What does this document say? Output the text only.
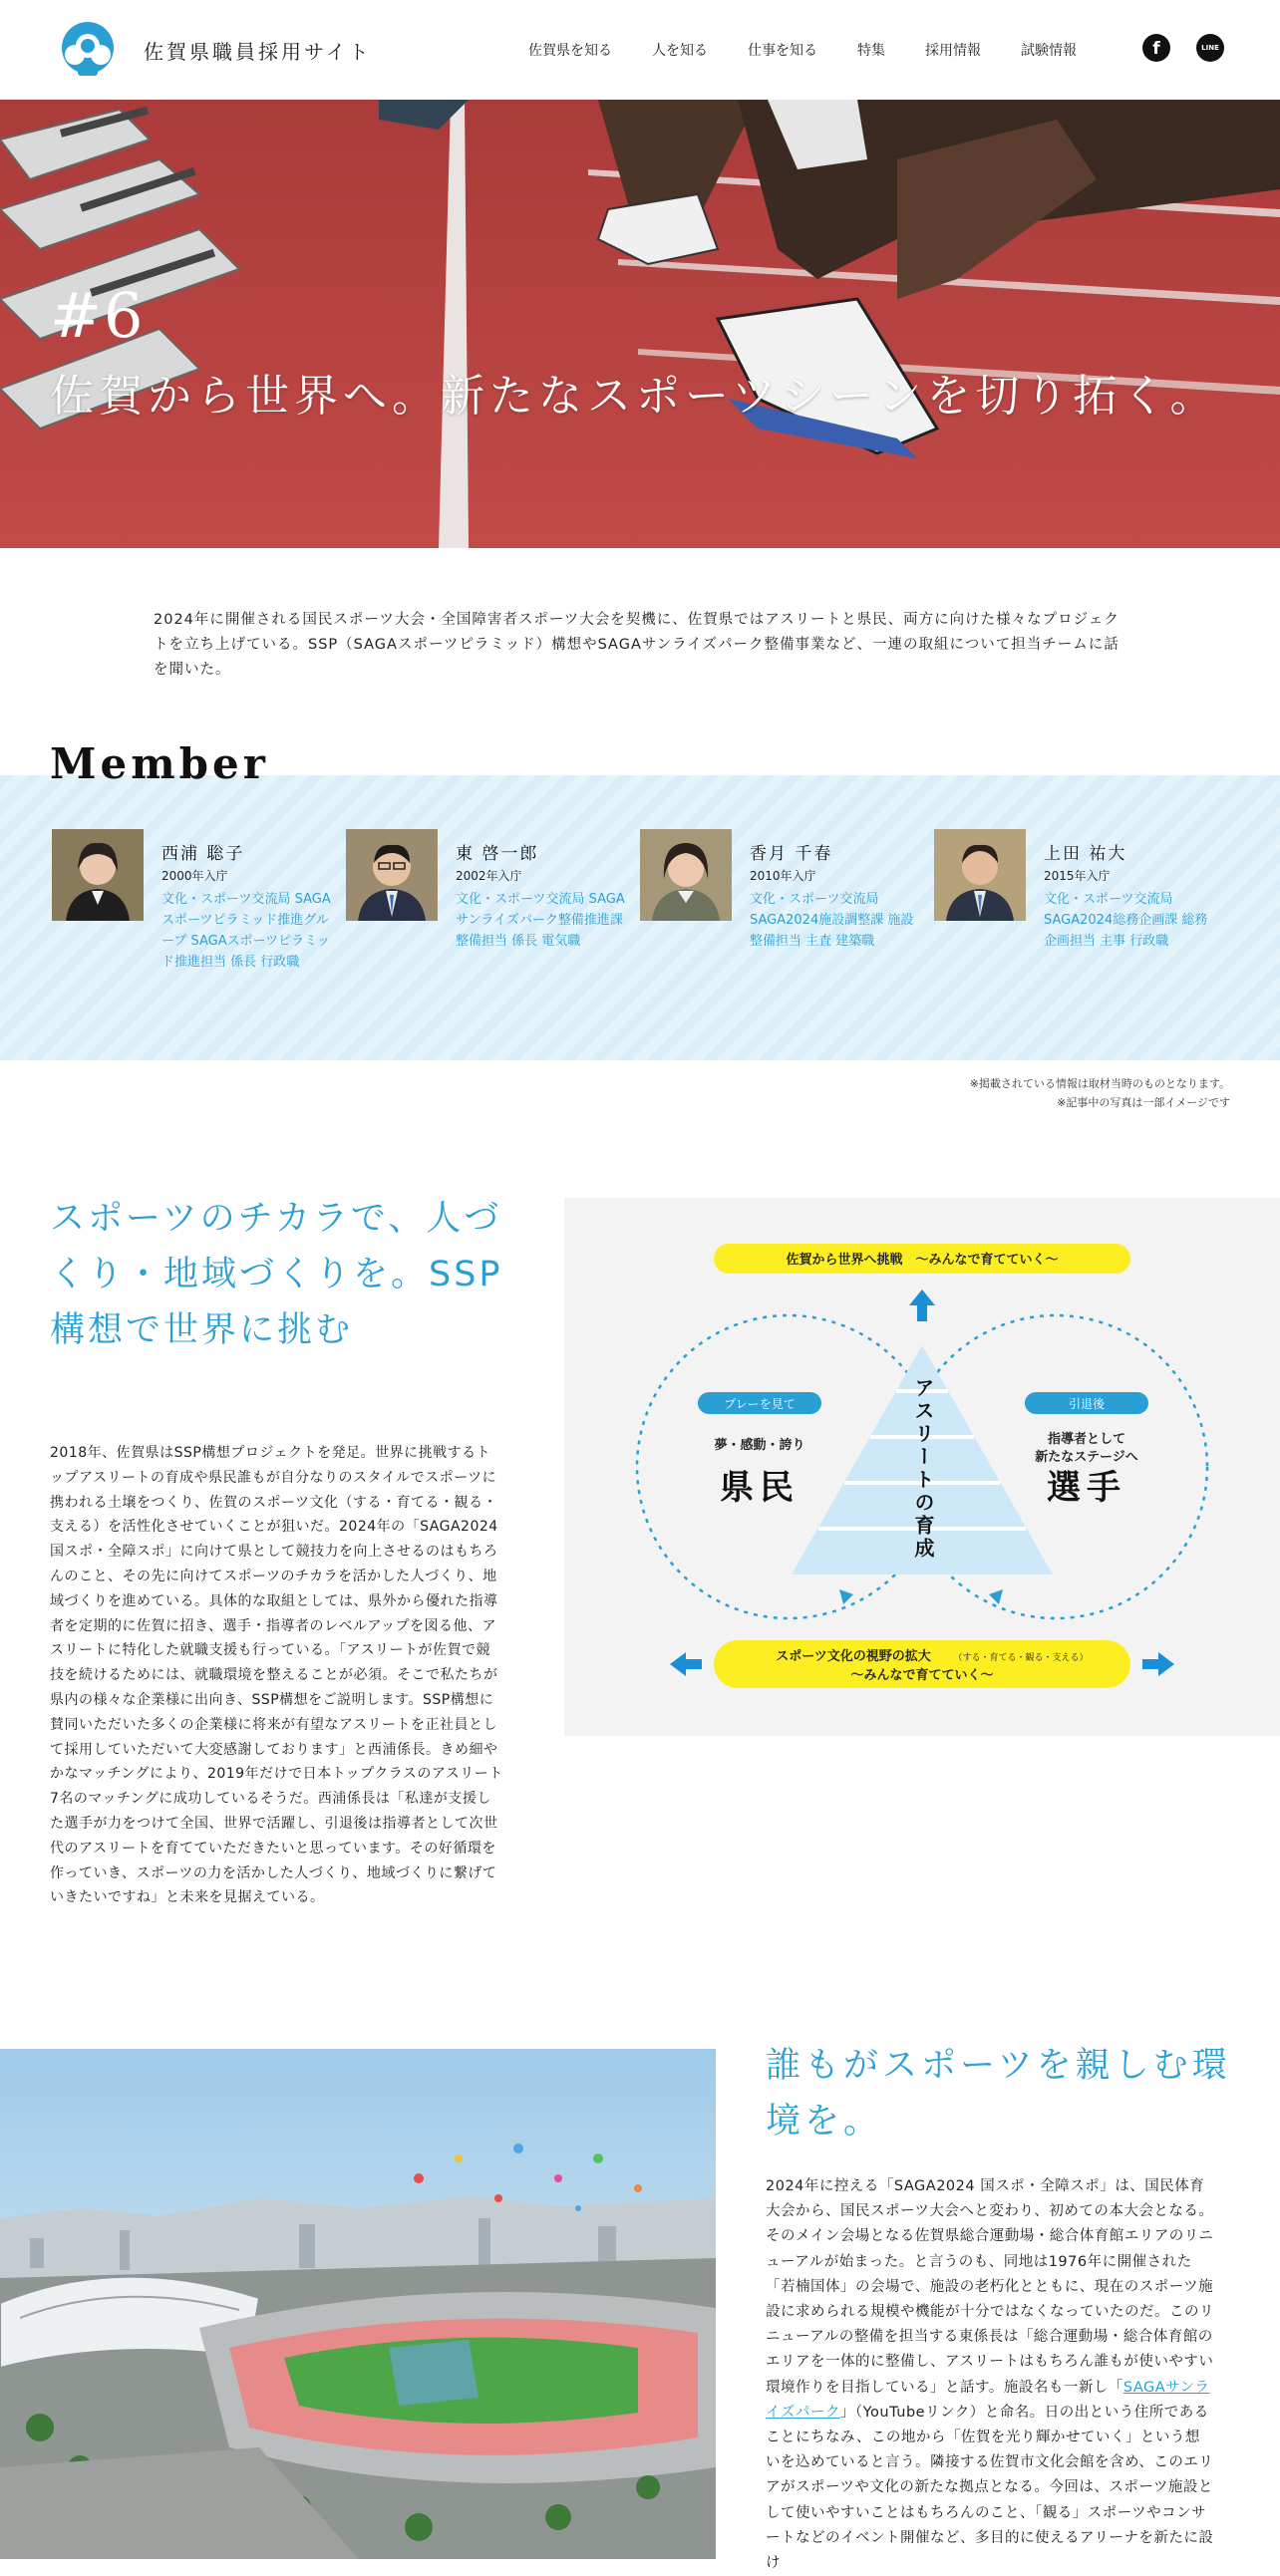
佐賀県職員採用サイト	佐賀県を知る	人を知る	仕事を知る	特集	採用情報	試験情報	f	LINE
#6
佐賀から世界へ。新たなスポーツシーンを切り拓く。

2024年に開催される国民スポーツ大会・全国障害者スポーツ大会を契機に、佐賀県ではアスリートと県民、両方に向けた様々なプロジェクトを立ち上げている。SSP（SAGAスポーツピラミッド）構想やSAGAサンライズパーク整備事業など、一連の取組について担当チームに話を聞いた。

Member
西浦 聡子
2000年入庁
文化・スポーツ交流局 SAGAスポーツピラミッド推進グループ SAGAスポーツピラミッド推進担当 係長 行政職
東 啓一郎
2002年入庁
文化・スポーツ交流局 SAGAサンライズパーク整備推進課 整備担当 係長 電気職
香月 千春
2010年入庁
文化・スポーツ交流局 SAGA2024施設調整課 施設整備担当 主査 建築職
上田 祐大
2015年入庁
文化・スポーツ交流局 SAGA2024総務企画課 総務企画担当 主事 行政職
※掲載されている情報は取材当時のものとなります。
※記事中の写真は一部イメージです
スポーツのチカラで、人づくり・地域づくりを。SSP構想で世界に挑む

2018年、佐賀県はSSP構想プロジェクトを発足。世界に挑戦するトップアスリートの育成や県民誰もが自分なりのスタイルでスポーツに携われる土壌をつくり、佐賀のスポーツ文化（する・育てる・観る・支える）を活性化させていくことが狙いだ。2024年の「SAGA2024 国スポ・全障スポ」に向けて県として競技力を向上させるのはもちろんのこと、その先に向けてスポーツのチカラを活かした人づくり、地域づくりを進めている。具体的な取組としては、県外から優れた指導者を定期的に佐賀に招き、選手・指導者のレベルアップを図る他、アスリートに特化した就職支援も行っている。「アスリートが佐賀で競技を続けるためには、就職環境を整えることが必須。そこで私たちが県内の様々な企業様に出向き、SSP構想をご説明します。SSP構想に賛同いただいた多くの企業様に将来が有望なアスリートを正社員として採用していただいて大変感謝しております」と西浦係長。きめ細やかなマッチングにより、2019年だけで日本トップクラスのアスリート7名のマッチングに成功しているそうだ。西浦係長は「私達が支援した選手が力をつけて全国、世界で活躍し、引退後は指導者として次世代のアスリートを育てていただきたいと思っています。その好循環を作っていき、スポーツの力を活かした人づくり、地域づくりに繋げていきたいですね」と未来を見据えている。

佐賀から世界へ挑戦　～みんなで育てていく～
アスリートの育成
プレーを見て
夢・感動・誇り
県民
引退後
指導者として
新たなステージへ
選手
スポーツ文化の視野の拡大	（する・育てる・観る・支える）
～みんなで育てていく～
誰もがスポーツを親しむ環境を。

2024年に控える「SAGA2024 国スポ・全障スポ」は、国民体育大会から、国民スポーツ大会へと変わり、初めての本大会となる。そのメイン会場となる佐賀県総合運動場・総合体育館エリアのリニューアルが始まった。と言うのも、同地は1976年に開催された「若楠国体」の会場で、施設の老朽化とともに、現在のスポーツ施設に求められる規模や機能が十分ではなくなっていたのだ。このリニューアルの整備を担当する東係長は「総合運動場・総合体育館のエリアを一体的に整備し、アスリートはもちろん誰もが使いやすい環境作りを目指している」と話す。施設名も一新し「SAGAサンライズパーク」（YouTubeリンク）と命名。日の出という住所であることにちなみ、この地から「佐賀を光り輝かせていく」という想いを込めていると言う。隣接する佐賀市文化会館を含め、このエリアがスポーツや文化の新たな拠点となる。今回は、スポーツ施設として使いやすいことはもちろんのこと、「観る」スポーツやコンサートなどのイベント開催など、多目的に使えるアリーナを新たに設け
